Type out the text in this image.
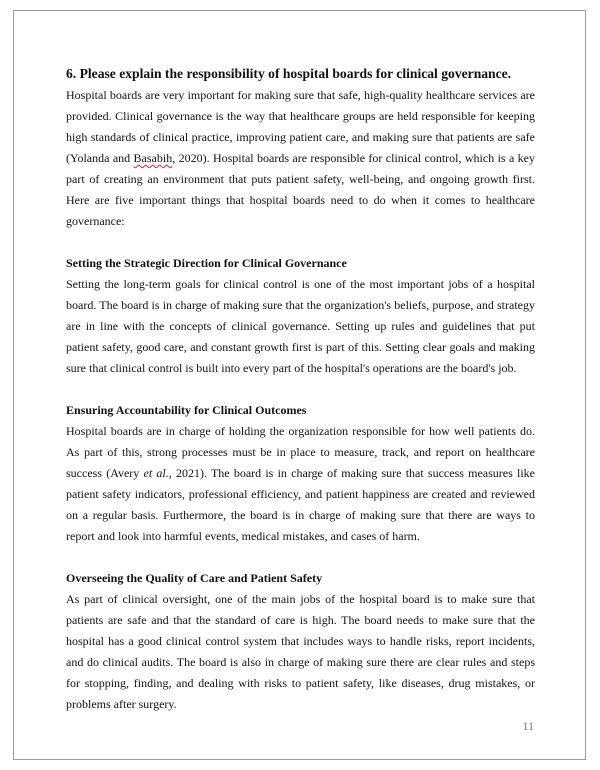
6. Please explain the responsibility of hospital boards for clinical governance.

Hospital boards are very important for making sure that safe, high-quality healthcare services are provided. Clinical governance is the way that healthcare groups are held responsible for keeping high standards of clinical practice, improving patient care, and making sure that patients are safe (Yolanda and Basabih, 2020). Hospital boards are responsible for clinical control, which is a key part of creating an environment that puts patient safety, well-being, and ongoing growth first. Here are five important things that hospital boards need to do when it comes to healthcare governance:

Setting the Strategic Direction for Clinical Governance

Setting the long-term goals for clinical control is one of the most important jobs of a hospital board. The board is in charge of making sure that the organization's beliefs, purpose, and strategy are in line with the concepts of clinical governance. Setting up rules and guidelines that put patient safety, good care, and constant growth first is part of this. Setting clear goals and making sure that clinical control is built into every part of the hospital's operations are the board's job.

Ensuring Accountability for Clinical Outcomes

Hospital boards are in charge of holding the organization responsible for how well patients do. As part of this, strong processes must be in place to measure, track, and report on healthcare success (Avery et al., 2021). The board is in charge of making sure that success measures like patient safety indicators, professional efficiency, and patient happiness are created and reviewed on a regular basis. Furthermore, the board is in charge of making sure that there are ways to report and look into harmful events, medical mistakes, and cases of harm.

Overseeing the Quality of Care and Patient Safety

As part of clinical oversight, one of the main jobs of the hospital board is to make sure that patients are safe and that the standard of care is high. The board needs to make sure that the hospital has a good clinical control system that includes ways to handle risks, report incidents, and do clinical audits. The board is also in charge of making sure there are clear rules and steps for stopping, finding, and dealing with risks to patient safety, like diseases, drug mistakes, or problems after surgery.

11
